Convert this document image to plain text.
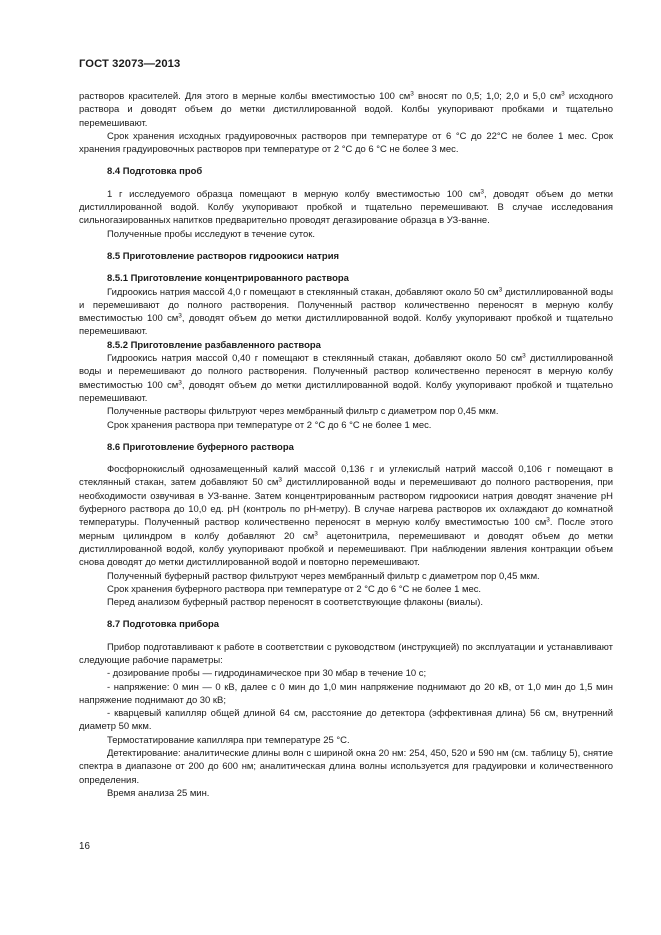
ГОСТ 32073—2013

растворов красителей. Для этого в мерные колбы вместимостью 100 $см^3$ вносят по 0,5; 1,0; 2,0 и 5,0 $см^3$ исходного раствора и доводят объем до метки дистиллированной водой. Колбы укупоривают пробками и тщательно перемешивают.

Срок хранения исходных градуировочных растворов при температуре от 6 °С до 22°С не более 1 мес. Срок хранения градуировочных растворов при температуре от 2 °С до 6 °С не более 3 мес.

8.4 Подготовка проб

1 г исследуемого образца помещают в мерную колбу вместимостью 100 $см^3$, доводят объем до метки дистиллированной водой. Колбу укупоривают пробкой и тщательно перемешивают. В случае исследования сильногазированных напитков предварительно проводят дегазирование образца в УЗ-ванне.

Полученные пробы исследуют в течение суток.

8.5 Приготовление растворов гидроокиси натрия

8.5.1 Приготовление концентрированного раствора

Гидроокись натрия массой 4,0 г помещают в стеклянный стакан, добавляют около 50 $см^3$ дистиллированной воды и перемешивают до полного растворения. Полученный раствор количественно переносят в мерную колбу вместимостью 100 $см^3$, доводят объем до метки дистиллированной водой. Колбу укупоривают пробкой и тщательно перемешивают.

8.5.2 Приготовление разбавленного раствора

Гидроокись натрия массой 0,40 г помещают в стеклянный стакан, добавляют около 50 $см^3$ дистиллированной воды и перемешивают до полного растворения. Полученный раствор количественно переносят в мерную колбу вместимостью 100 $см^3$, доводят объем до метки дистиллированной водой. Колбу укупоривают пробкой и тщательно перемешивают.

Полученные растворы фильтруют через мембранный фильтр с диаметром пор 0,45 мкм.

Срок хранения раствора при температуре от 2 °С до 6 °С не более 1 мес.

8.6 Приготовление буферного раствора

Фосфорнокислый однозамещенный калий массой 0,136 г и углекислый натрий массой 0,106 г помещают в стеклянный стакан, затем добавляют 50 $см^3$ дистиллированной воды и перемешивают до полного растворения, при необходимости озвучивая в УЗ-ванне. Затем концентрированным раствором гидроокиси натрия доводят значение рН буферного раствора до 10,0 ед. рН (контроль по рН-метру). В случае нагрева растворов их охлаждают до комнатной температуры. Полученный раствор количественно переносят в мерную колбу вместимостью 100 $см^3$. После этого мерным цилиндром в колбу добавляют 20 $см^3$ ацетонитрила, перемешивают и доводят объем до метки дистиллированной водой, колбу укупоривают пробкой и перемешивают. При наблюдении явления контракции объем снова доводят до метки дистиллированной водой и повторно перемешивают.

Полученный буферный раствор фильтруют через мембранный фильтр с диаметром пор 0,45 мкм.

Срок хранения буферного раствора при температуре от 2 °С до 6 °С не более 1 мес.

Перед анализом буферный раствор переносят в соответствующие флаконы (виалы).

8.7 Подготовка прибора

Прибор подготавливают к работе в соответствии с руководством (инструкцией) по эксплуатации и устанавливают следующие рабочие параметры:

- дозирование пробы — гидродинамическое при 30 мбар в течение 10 с;

- напряжение: 0 мин — 0 кВ, далее с 0 мин до 1,0 мин напряжение поднимают до 20 кВ, от 1,0 мин до 1,5 мин напряжение поднимают до 30 кВ;

- кварцевый капилляр общей длиной 64 см, расстояние до детектора (эффективная длина) 56 см, внутренний диаметр 50 мкм.

Термостатирование капилляра при температуре 25 °С.

Детектирование: аналитические длины волн с шириной окна 20 нм: 254, 450, 520 и 590 нм (см. таблицу 5), снятие спектра в диапазоне от 200 до 600 нм; аналитическая длина волны используется для градуировки и количественного определения.

Время анализа 25 мин.

16
